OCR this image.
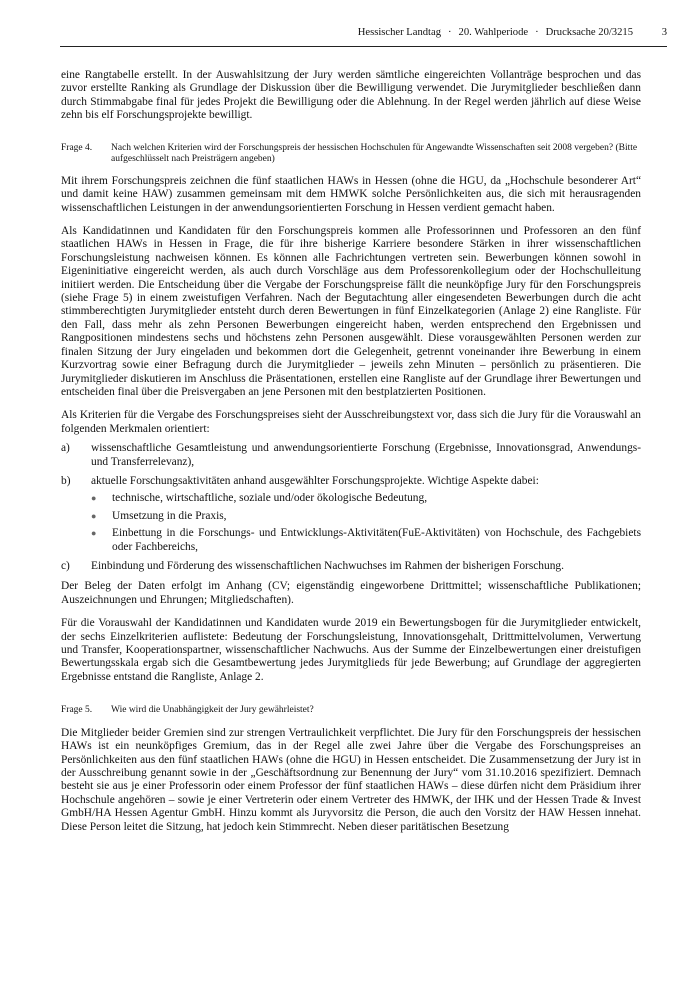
Hessischer Landtag · 20. Wahlperiode · Drucksache 20/3215	3

eine Rangtabelle erstellt. In der Auswahlsitzung der Jury werden sämtliche eingereichten Vollanträge besprochen und das zuvor erstellte Ranking als Grundlage der Diskussion über die Bewilligung verwendet. Die Jurymitglieder beschließen dann durch Stimmabgabe final für jedes Projekt die Bewilligung oder die Ablehnung. In der Regel werden jährlich auf diese Weise zehn bis elf Forschungsprojekte bewilligt.

Frage 4.	Nach welchen Kriterien wird der Forschungspreis der hessischen Hochschulen für Angewandte Wissenschaften seit 2008 vergeben? (Bitte aufgeschlüsselt nach Preisträgern angeben)

Mit ihrem Forschungspreis zeichnen die fünf staatlichen HAWs in Hessen (ohne die HGU, da „Hochschule besonderer Art“ und damit keine HAW) zusammen gemeinsam mit dem HMWK solche Persönlichkeiten aus, die sich mit herausragenden wissenschaftlichen Leistungen in der anwendungsorientierten Forschung in Hessen verdient gemacht haben.

Als Kandidatinnen und Kandidaten für den Forschungspreis kommen alle Professorinnen und Professoren an den fünf staatlichen HAWs in Hessen in Frage, die für ihre bisherige Karriere besondere Stärken in ihrer wissenschaftlichen Forschungsleistung nachweisen können. Es können alle Fachrichtungen vertreten sein. Bewerbungen können sowohl in Eigeninitiative eingereicht werden, als auch durch Vorschläge aus dem Professorenkollegium oder der Hochschulleitung initiiert werden. Die Entscheidung über die Vergabe der Forschungspreise fällt die neunköpfige Jury für den Forschungspreis (siehe Frage 5) in einem zweistufigen Verfahren. Nach der Begutachtung aller eingesendeten Bewerbungen durch die acht stimmberechtigten Jurymitglieder entsteht durch deren Bewertungen in fünf Einzelkategorien (Anlage 2) eine Rangliste. Für den Fall, dass mehr als zehn Personen Bewerbungen eingereicht haben, werden entsprechend den Ergebnissen und Rangpositionen mindestens sechs und höchstens zehn Personen ausgewählt. Diese vorausgewählten Personen werden zur finalen Sitzung der Jury eingeladen und bekommen dort die Gelegenheit, getrennt voneinander ihre Bewerbung in einem Kurzvortrag sowie einer Befragung durch die Jurymitglieder – jeweils zehn Minuten – persönlich zu präsentieren. Die Jurymitglieder diskutieren im Anschluss die Präsentationen, erstellen eine Rangliste auf der Grundlage ihrer Bewertungen und entscheiden final über die Preisvergaben an jene Personen mit den bestplatzierten Positionen.

Als Kriterien für die Vergabe des Forschungspreises sieht der Ausschreibungstext vor, dass sich die Jury für die Vorauswahl an folgenden Merkmalen orientiert:

a)	wissenschaftliche Gesamtleistung und anwendungsorientierte Forschung (Ergebnisse, Innovationsgrad, Anwendungs- und Transferrelevanz),
b)	aktuelle Forschungsaktivitäten anhand ausgewählter Forschungsprojekte. Wichtige Aspekte dabei:
●	technische, wirtschaftliche, soziale und/oder ökologische Bedeutung,
●	Umsetzung in die Praxis,
●	Einbettung in die Forschungs- und Entwicklungs-Aktivitäten(FuE-Aktivitäten) von Hochschule, des Fachgebiets oder Fachbereichs,
c)	Einbindung und Förderung des wissenschaftlichen Nachwuchses im Rahmen der bisherigen Forschung.

Der Beleg der Daten erfolgt im Anhang (CV; eigenständig eingeworbene Drittmittel; wissenschaftliche Publikationen; Auszeichnungen und Ehrungen; Mitgliedschaften).

Für die Vorauswahl der Kandidatinnen und Kandidaten wurde 2019 ein Bewertungsbogen für die Jurymitglieder entwickelt, der sechs Einzelkriterien auflistete: Bedeutung der Forschungsleistung, Innovationsgehalt, Drittmittelvolumen, Verwertung und Transfer, Kooperationspartner, wissenschaftlicher Nachwuchs. Aus der Summe der Einzelbewertungen einer dreistufigen Bewertungsskala ergab sich die Gesamtbewertung jedes Jurymitglieds für jede Bewerbung; auf Grundlage der aggregierten Ergebnisse entstand die Rangliste, Anlage 2.

Frage 5.	Wie wird die Unabhängigkeit der Jury gewährleistet?

Die Mitglieder beider Gremien sind zur strengen Vertraulichkeit verpflichtet. Die Jury für den Forschungspreis der hessischen HAWs ist ein neunköpfiges Gremium, das in der Regel alle zwei Jahre über die Vergabe des Forschungspreises an Persönlichkeiten aus den fünf staatlichen HAWs (ohne die HGU) in Hessen entscheidet. Die Zusammensetzung der Jury ist in der Ausschreibung genannt sowie in der „Geschäftsordnung zur Benennung der Jury“ vom 31.10.2016 spezifiziert. Demnach besteht sie aus je einer Professorin oder einem Professor der fünf staatlichen HAWs – diese dürfen nicht dem Präsidium ihrer Hochschule angehören – sowie je einer Vertreterin oder einem Vertreter des HMWK, der IHK und der Hessen Trade & Invest GmbH/HA Hessen Agentur GmbH. Hinzu kommt als Juryvorsitz die Person, die auch den Vorsitz der HAW Hessen innehat. Diese Person leitet die Sitzung, hat jedoch kein Stimmrecht. Neben dieser paritätischen Besetzung
